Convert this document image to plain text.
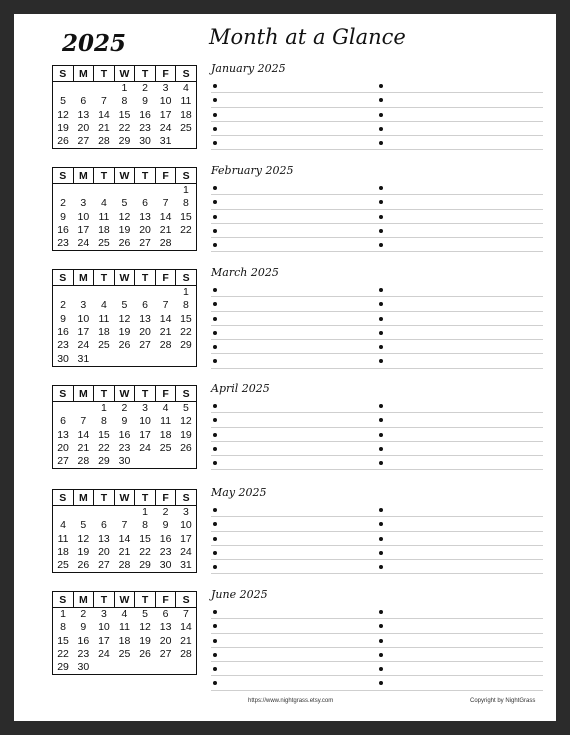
2025	Month at a Glance
S	M	T	W	T	F	S
			1	2	3	4
5	6	7	8	9	10	11
12	13	14	15	16	17	18
19	20	21	22	23	24	25
26	27	28	29	30	31	
January 2025
S	M	T	W	T	F	S
						1
2	3	4	5	6	7	8
9	10	11	12	13	14	15
16	17	18	19	20	21	22
23	24	25	26	27	28	
February 2025
S	M	T	W	T	F	S
						1
2	3	4	5	6	7	8
9	10	11	12	13	14	15
16	17	18	19	20	21	22
23	24	25	26	27	28	29
30	31					
March 2025
S	M	T	W	T	F	S
		1	2	3	4	5
6	7	8	9	10	11	12
13	14	15	16	17	18	19
20	21	22	23	24	25	26
27	28	29	30			
April 2025
S	M	T	W	T	F	S
				1	2	3
4	5	6	7	8	9	10
11	12	13	14	15	16	17
18	19	20	21	22	23	24
25	26	27	28	29	30	31
May 2025
S	M	T	W	T	F	S
1	2	3	4	5	6	7
8	9	10	11	12	13	14
15	16	17	18	19	20	21
22	23	24	25	26	27	28
29	30					
June 2025
https://www.nightgrass.etsy.com	Copyright by NightGrass
